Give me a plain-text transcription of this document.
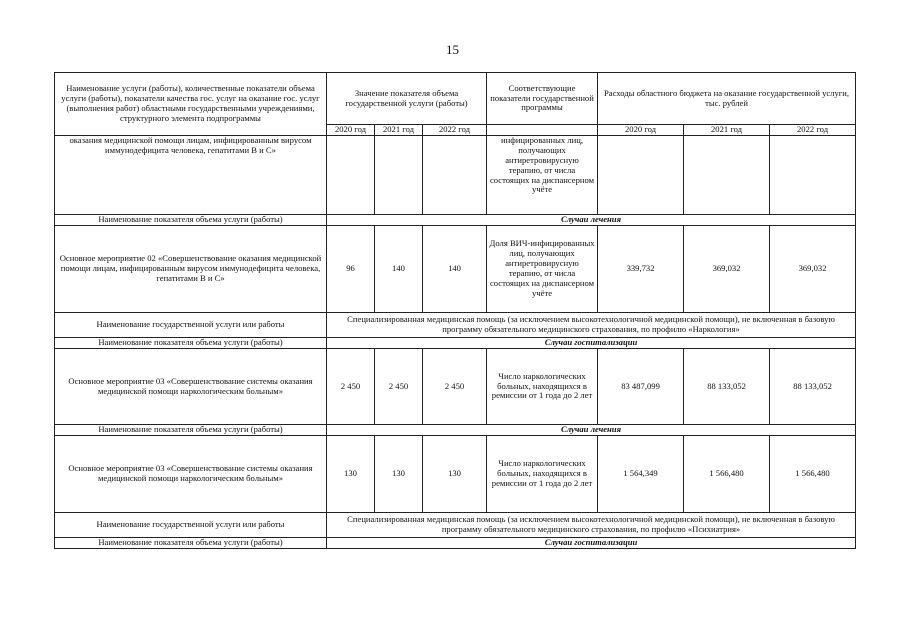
15
Наименование услуги (работы), количественные показатели объема услуги (работы), показатели качества гос. услуг на оказание гос. услуг (выполнения работ) областными государственными учреждениями, структурного элемента подпрограммы	Значение показателя объема государственной услуги (работы)			Соответствующие показатели государственной программы	Расходы областного бюджета на оказание государственной услуги, тыс. рублей		
	2020 год	2021 год	2022 год		2020 год	2021 год	2022 год
оказания медицинской помощи лицам, инфицированным вирусом иммунодефицита человека, гепатитами В и С»				инфицированных лиц, получающих антиретровирусную терапию, от числа состоящих на диспансерном учёте			
Наименование показателя объема услуги (работы)	Случаи лечения						
Основное мероприятие 02 «Совершенствование оказания медицинской помощи лицам, инфицированным вирусом иммунодефицита человека, гепатитами В и С»	96	140	140	Доля ВИЧ-инфицированных лиц, получающих антиретровирусную терапию, от числа состоящих на диспансерном учёте	339,732	369,032	369,032
Наименование государственной услуги или работы	Специализированная медицинская помощь (за исключением высокотехнологичной медицинской помощи), не включенная в базовую программу обязательного медицинского страхования, по профилю «Наркология»						
Наименование показателя объема услуги (работы)	Случаи госпитализации						
Основное мероприятие 03 «Совершенствование системы оказания медицинской помощи наркологическим больным»	2 450	2 450	2 450	Число наркологических больных, находящихся в ремиссии от 1 года до 2 лет	83 487,099	88 133,052	88 133,052
Наименование показателя объема услуги (работы)	Случаи лечения						
Основное мероприятие 03 «Совершенствование системы оказания медицинской помощи наркологическим больным»	130	130	130	Число наркологических больных, находящихся в ремиссии от 1 года до 2 лет	1 564,349	1 566,480	1 566,480
Наименование государственной услуги или работы	Специализированная медицинская помощь (за исключением высокотехнологичной медицинской помощи), не включенная в базовую программу обязательного медицинского страхования, по профилю «Психиатрия»						
Наименование показателя объема услуги (работы)	Случаи госпитализации						
